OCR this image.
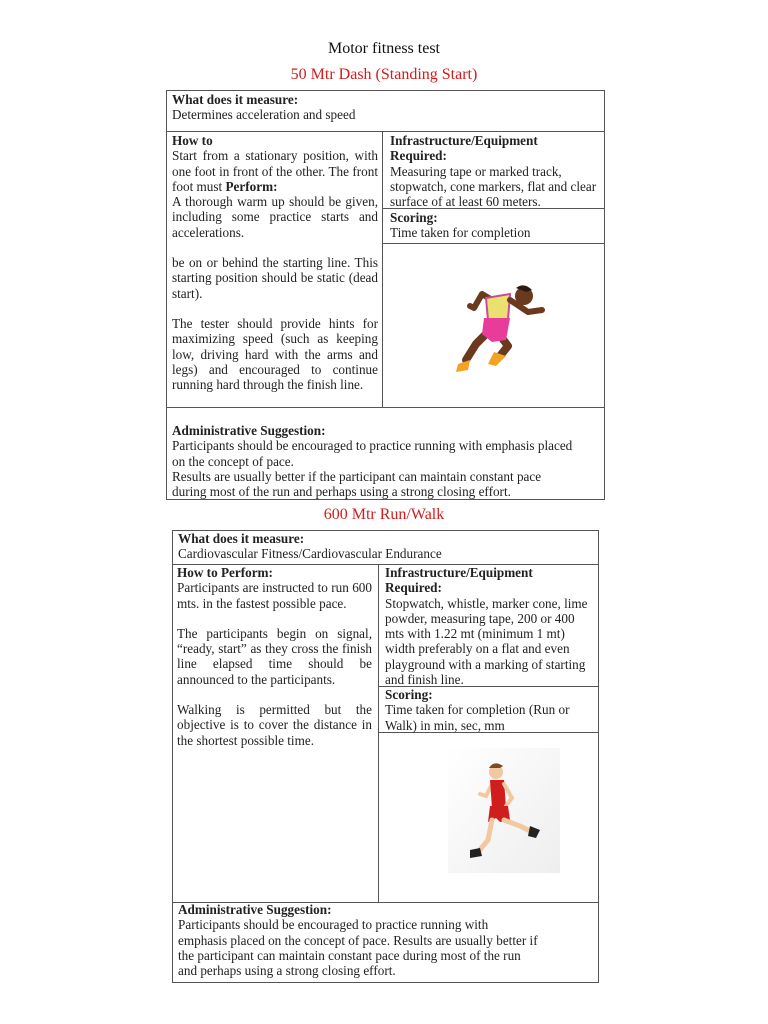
Motor fitness test
50 Mtr Dash (Standing Start)

What does it measure:

Determines acceleration and speed

How to

Start from a stationary position, with one foot in front of the other. The front foot must Perform:

A thorough warm up should be given, including some practice starts and accelerations.

be on or behind the starting line. This starting position should be static (dead start).

The tester should provide hints for maximizing speed (such as keeping low, driving hard with the arms and legs) and encouraged to continue running hard through the finish line.

Infrastructure/Equipment

Required:

Measuring tape or marked track, stopwatch, cone markers, flat and clear surface of at least 60 meters.

Scoring:

Time taken for completion

Administrative Suggestion:

Participants should be encouraged to practice running with emphasis placed

on the concept of pace.

Results are usually better if the participant can maintain constant pace

during most of the run and perhaps using a strong closing effort.

600 Mtr Run/Walk

What does it measure:

Cardiovascular Fitness/Cardiovascular Endurance

How to Perform:

Participants are instructed to run 600 mts. in the fastest possible pace.

The participants begin on signal, “ready, start” as they cross the finish line elapsed time should be announced to the participants.

Walking is permitted but the objective is to cover the distance in the shortest possible time.

Infrastructure/Equipment

Required:

Stopwatch, whistle, marker cone, lime powder, measuring tape, 200 or 400 mts with 1.22 mt (minimum 1 mt) width preferably on a flat and even playground with a marking of starting and finish line.

Scoring:

Time taken for completion (Run or Walk) in min, sec, mm

Administrative Suggestion:

Participants should be encouraged to practice running with

emphasis placed on the concept of pace. Results are usually better if

the participant can maintain constant pace during most of the run

and perhaps using a strong closing effort.
